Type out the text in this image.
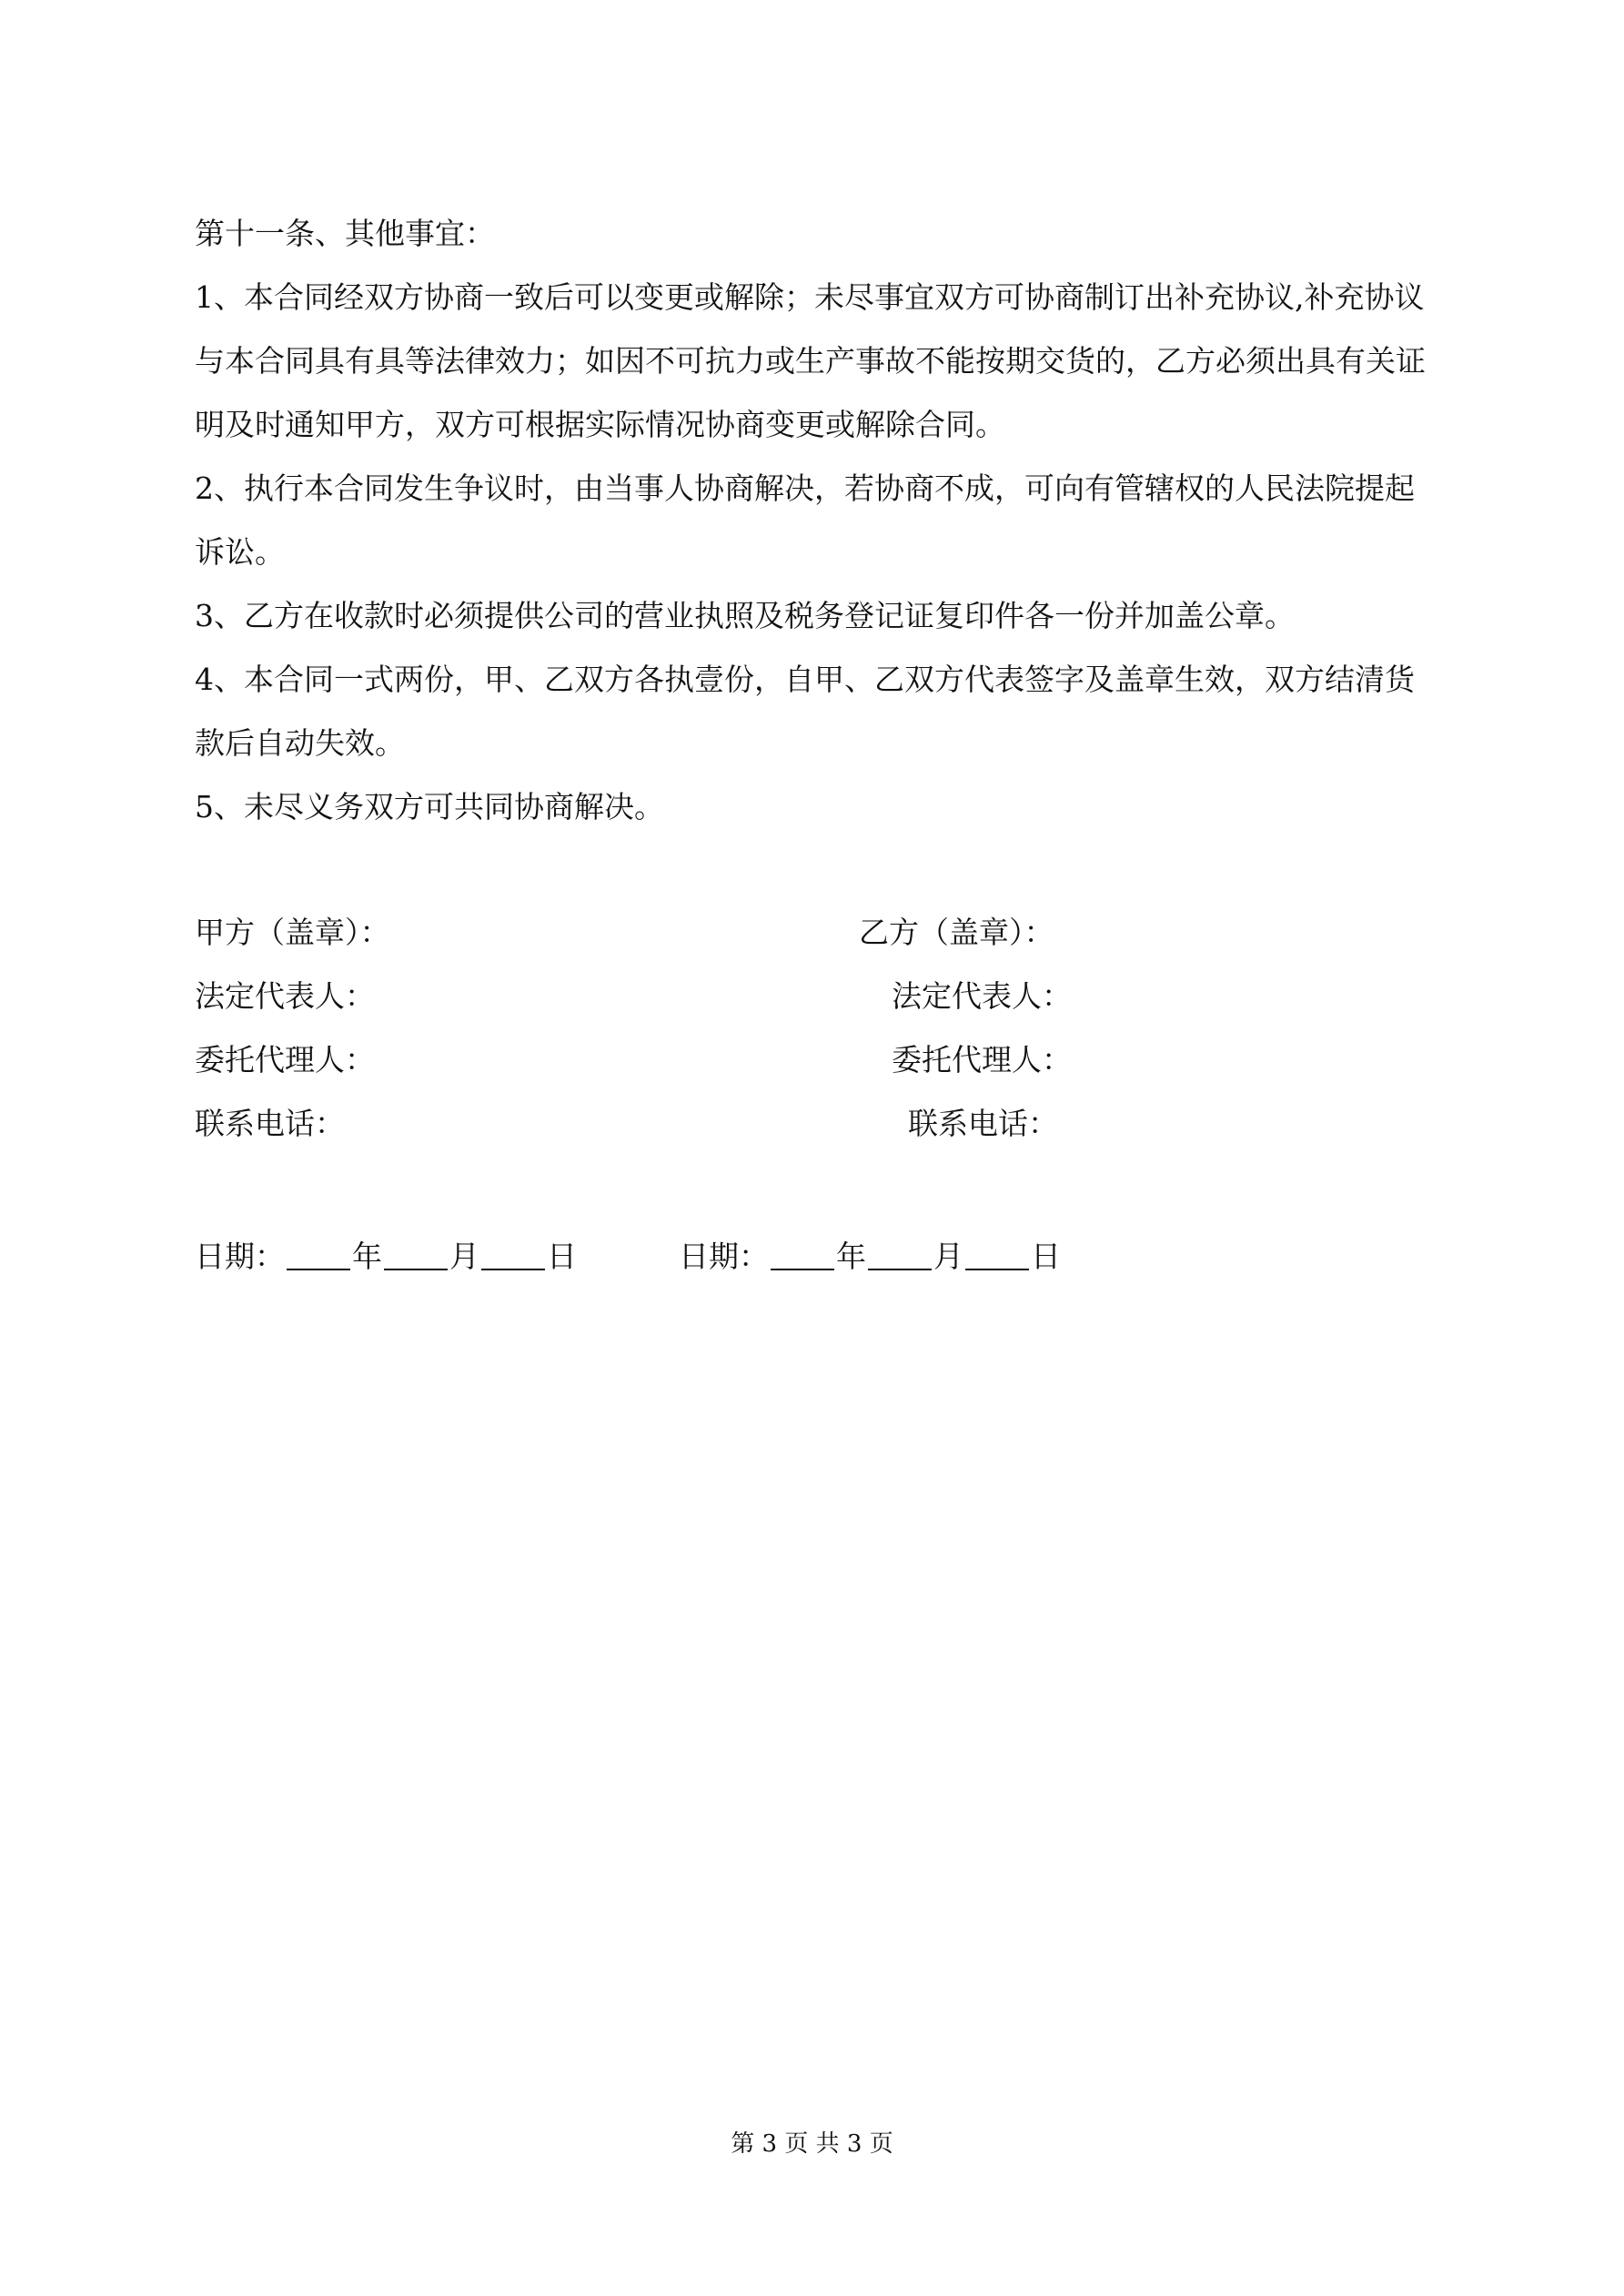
第十一条、其他事宜：

1、本合同经双方协商一致后可以变更或解除；未尽事宜双方可协商制订出补充协议,补充协议与本合同具有具等法律效力；如因不可抗力或生产事故不能按期交货的，乙方必须出具有关证明及时通知甲方，双方可根据实际情况协商变更或解除合同。

2、执行本合同发生争议时，由当事人协商解决，若协商不成，可向有管辖权的人民法院提起诉讼。

3、乙方在收款时必须提供公司的营业执照及税务登记证复印件各一份并加盖公章。

4、本合同一式两份，甲、乙双方各执壹份，自甲、乙双方代表签字及盖章生效，双方结清货款后自动失效。

5、未尽义务双方可共同协商解决。

甲方（盖章）：	乙方（盖章）：
法定代表人：	法定代表人：
委托代理人：	委托代理人：
联系电话：	联系电话：
日期： 年 月 日	日期： 年 月 日
第 3 页 共 3 页
